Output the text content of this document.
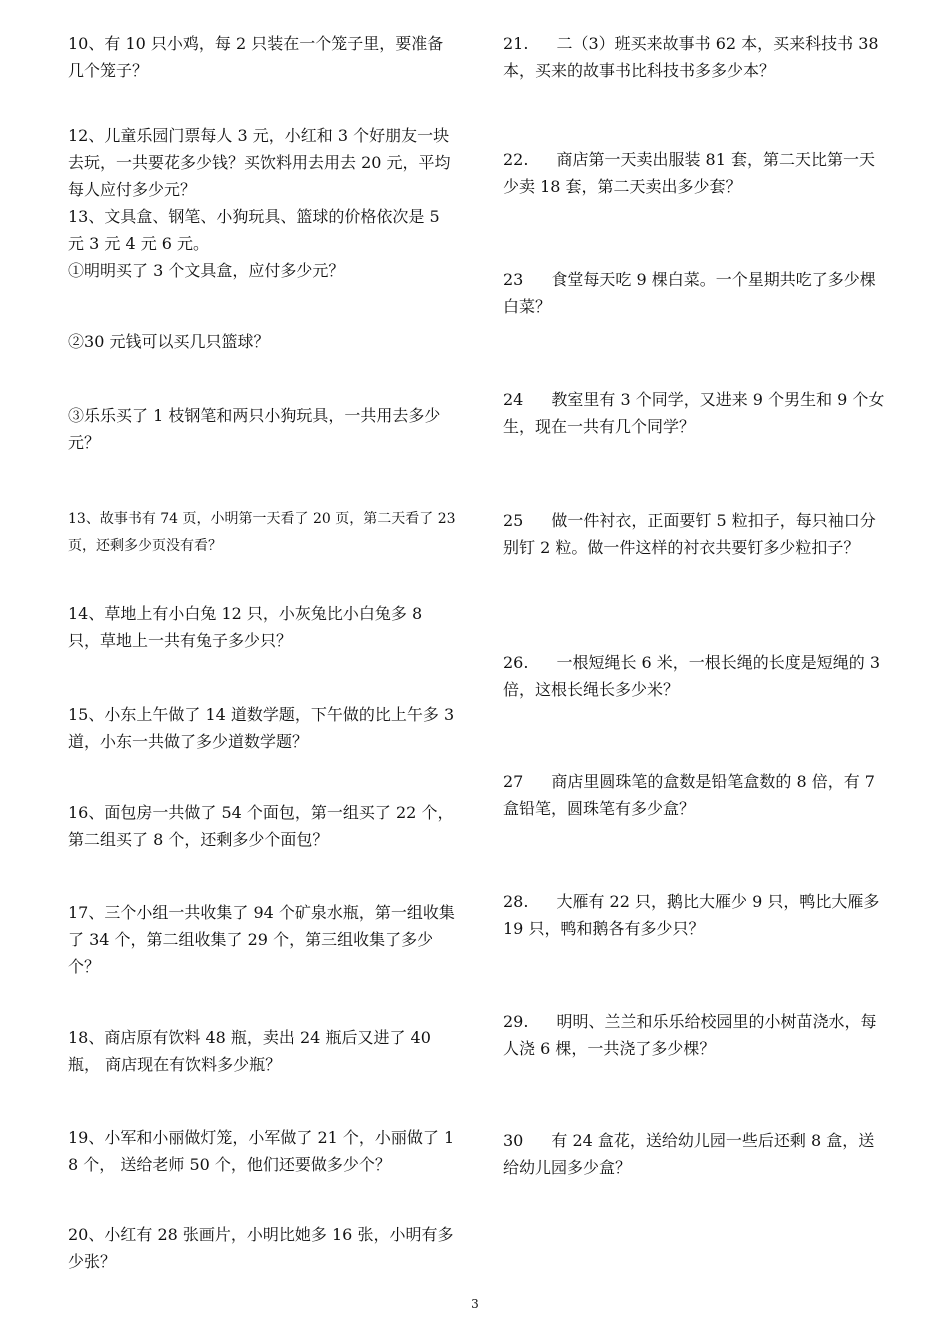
10、有 10 只小鸡，每 2 只装在一个笼子里，要准备几个笼子？
12、儿童乐园门票每人 3 元，小红和 3 个好朋友一块去玩，一共要花多少钱？买饮料用去用去 20 元，平均每人应付多少元？
13、文具盒、钢笔、小狗玩具、篮球的价格依次是 5 元 3 元 4 元 6 元。
①明明买了 3 个文具盒，应付多少元？
②30 元钱可以买几只篮球？
③乐乐买了 1 枝钢笔和两只小狗玩具，一共用去多少元？
13、故事书有 74 页，小明第一天看了 20 页，第二天看了 23 页，还剩多少页没有看？
14、草地上有小白兔 12 只，小灰兔比小白兔多 8 只，草地上一共有兔子多少只？
15、小东上午做了 14 道数学题，下午做的比上午多 3 道，小东一共做了多少道数学题？
16、面包房一共做了 54 个面包，第一组买了 22 个，第二组买了 8 个，还剩多少个面包？
17、三个小组一共收集了 94 个矿泉水瓶，第一组收集了 34 个，第二组收集了 29 个，第三组收集了多少个？
18、商店原有饮料 48 瓶，卖出 24 瓶后又进了 40 瓶， 商店现在有饮料多少瓶？
19、小军和小丽做灯笼，小军做了 21 个，小丽做了 18 个， 送给老师 50 个，他们还要做多少个？
20、小红有 28 张画片，小明比她多 16 张，小明有多少张？
21. 二（3）班买来故事书 62 本，买来科技书 38 本，买来的故事书比科技书多多少本？
22. 商店第一天卖出服装 81 套，第二天比第一天少卖 18 套，第二天卖出多少套？
23 食堂每天吃 9 棵白菜。一个星期共吃了多少棵白菜？
24 教室里有 3 个同学，又进来 9 个男生和 9 个女生，现在一共有几个同学？
25 做一件衬衣，正面要钉 5 粒扣子，每只袖口分别钉 2 粒。做一件这样的衬衣共要钉多少粒扣子？
26. 一根短绳长 6 米，一根长绳的长度是短绳的 3 倍，这根长绳长多少米？
27 商店里圆珠笔的盒数是铅笔盒数的 8 倍，有 7 盒铅笔，圆珠笔有多少盒？
28. 大雁有 22 只，鹅比大雁少 9 只，鸭比大雁多 19 只，鸭和鹅各有多少只？
29. 明明、兰兰和乐乐给校园里的小树苗浇水，每人浇 6 棵，一共浇了多少棵？
30 有 24 盒花，送给幼儿园一些后还剩 8 盒，送给幼儿园多少盒？
3
